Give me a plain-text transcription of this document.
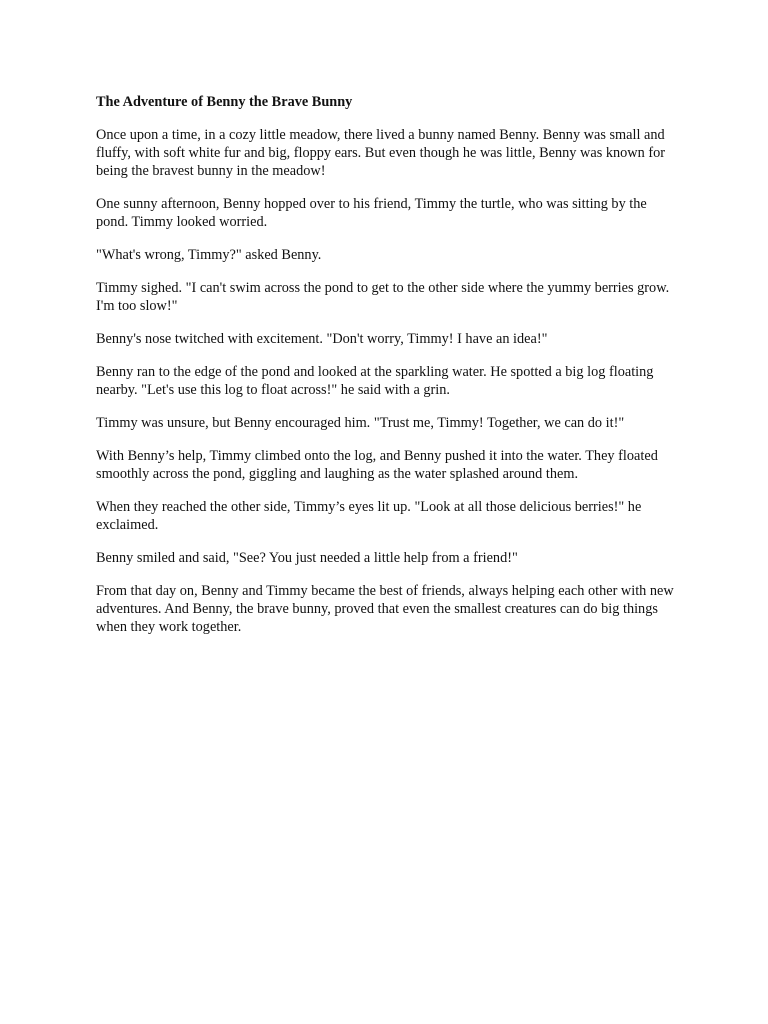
The Adventure of Benny the Brave Bunny

Once upon a time, in a cozy little meadow, there lived a bunny named Benny. Benny was small and fluffy, with soft white fur and big, floppy ears. But even though he was little, Benny was known for being the bravest bunny in the meadow!

One sunny afternoon, Benny hopped over to his friend, Timmy the turtle, who was sitting by the pond. Timmy looked worried.

"What's wrong, Timmy?" asked Benny.

Timmy sighed. "I can't swim across the pond to get to the other side where the yummy berries grow. I'm too slow!"

Benny's nose twitched with excitement. "Don't worry, Timmy! I have an idea!"

Benny ran to the edge of the pond and looked at the sparkling water. He spotted a big log floating nearby. "Let's use this log to float across!" he said with a grin.

Timmy was unsure, but Benny encouraged him. "Trust me, Timmy! Together, we can do it!"

With Benny’s help, Timmy climbed onto the log, and Benny pushed it into the water. They floated smoothly across the pond, giggling and laughing as the water splashed around them.

When they reached the other side, Timmy’s eyes lit up. "Look at all those delicious berries!" he exclaimed.

Benny smiled and said, "See? You just needed a little help from a friend!"

From that day on, Benny and Timmy became the best of friends, always helping each other with new adventures. And Benny, the brave bunny, proved that even the smallest creatures can do big things when they work together.
